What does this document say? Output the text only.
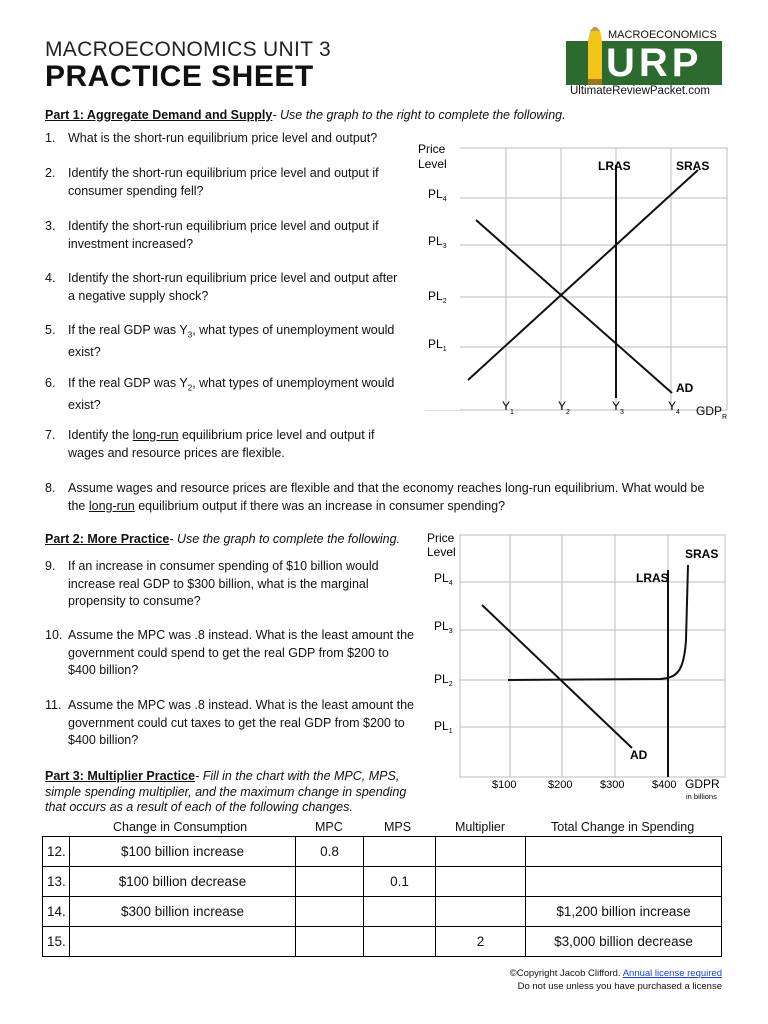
MACROECONOMICS UNIT 3
PRACTICE SHEET
MACROECONOMICS
URP
UltimateReviewPacket.com
Part 1: Aggregate Demand and Supply- Use the graph to the right to complete the following.
1. What is the short-run equilibrium price level and output?
2. Identify the short-run equilibrium price level and output if
consumer spending fell?
3. Identify the short-run equilibrium price level and output if
investment increased?
4. Identify the short-run equilibrium price level and output after
a negative supply shock?
5. If the real GDP was $Y_3$, what types of unemployment would
exist?
6. If the real GDP was $Y_2$, what types of unemployment would
exist?
7. Identify the long-run equilibrium price level and output if
wages and resource prices are flexible.
8. Assume wages and resource prices are flexible and that the economy reaches long-run equilibrium. What would be
the long-run equilibrium output if there was an increase in consumer spending?
Price
Level
$PL_4$
$PL_3$
$PL_2$
$PL_1$
$Y_1$	$Y_2$	$Y_3$	$Y_4$ $GDP_R$
LRAS	SRAS
AD
Part 2: More Practice- Use the graph to complete the following.
9. If an increase in consumer spending of $10 billion would
increase real GDP to $300 billion, what is the marginal
propensity to consume?
10. Assume the MPC was .8 instead. What is the least amount the
government could spend to get the real GDP from $200 to
$400 billion?
11. Assume the MPC was .8 instead. What is the least amount the
government could cut taxes to get the real GDP from $200 to
$400 billion?
Price
Level
$PL_4$
$PL_3$
$PL_2$
$PL_1$
$100	$200	$300	$400 GDPR
in billions
LRAS
SRAS
AD
Part 3: Multiplier Practice- Fill in the chart with the MPC, MPS,
simple spending multiplier, and the maximum change in spending
that occurs as a result of each of the following changes.
Change in Consumption	MPC	MPS	Multiplier	Total Change in Spending
12.	$100 billion increase	0.8			
13.	$100 billion decrease		0.1		
14.	$300 billion increase				$1,200 billion increase
15.				2	$3,000 billion decrease
©Copyright Jacob Clifford. Annual license required
Do not use unless you have purchased a license
